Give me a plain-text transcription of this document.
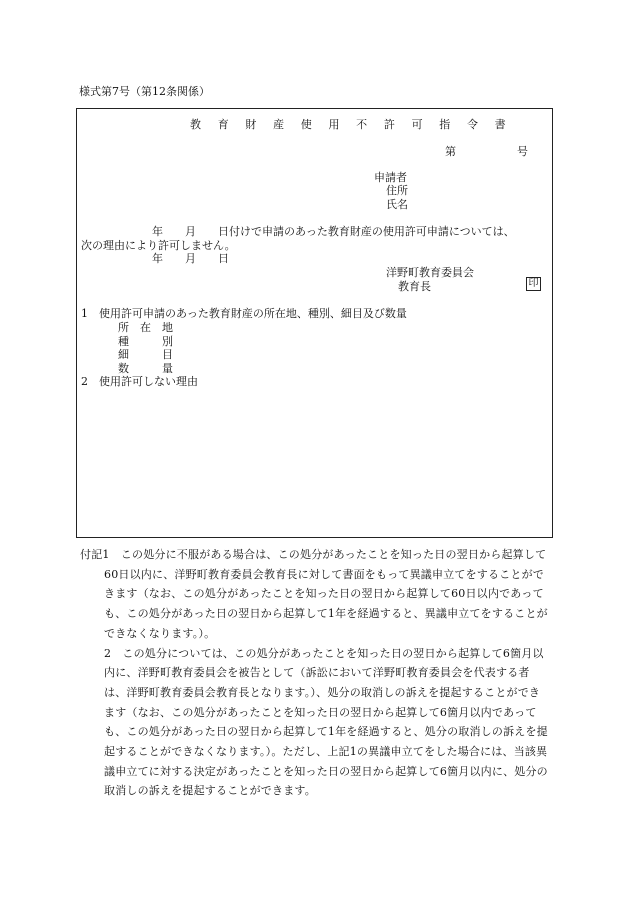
様式第7号（第12条関係）
教 育 財 産 使 用 不 許 可 指 令 書
第	号
申請者
住所
氏名
年　　月　　日付けで申請のあった教育財産の使用許可申請については、
次の理由により許可しません。
年　　月　　日
洋野町教育委員会
教育長	印
1　使用許可申請のあった教育財産の所在地、種別、細目及び数量
所　在　地
種　　　別
細　　　目
数　　　量
2　使用許可しない理由

付記1　この処分に不服がある場合は、この処分があったことを知った日の翌日から起算して60日以内に、洋野町教育委員会教育長に対して書面をもって異議申立てをすることができます（なお、この処分があったことを知った日の翌日から起算して60日以内であっても、この処分があった日の翌日から起算して1年を経過すると、異議申立てをすることができなくなります。）。

2　この処分については、この処分があったことを知った日の翌日から起算して6箇月以内に、洋野町教育委員会を被告として（訴訟において洋野町教育委員会を代表する者は、洋野町教育委員会教育長となります。）、処分の取消しの訴えを提起することができます（なお、この処分があったことを知った日の翌日から起算して6箇月以内であっても、この処分があった日の翌日から起算して1年を経過すると、処分の取消しの訴えを提起することができなくなります。）。ただし、上記1の異議申立てをした場合には、当該異議申立てに対する決定があったことを知った日の翌日から起算して6箇月以内に、処分の取消しの訴えを提起することができます。
